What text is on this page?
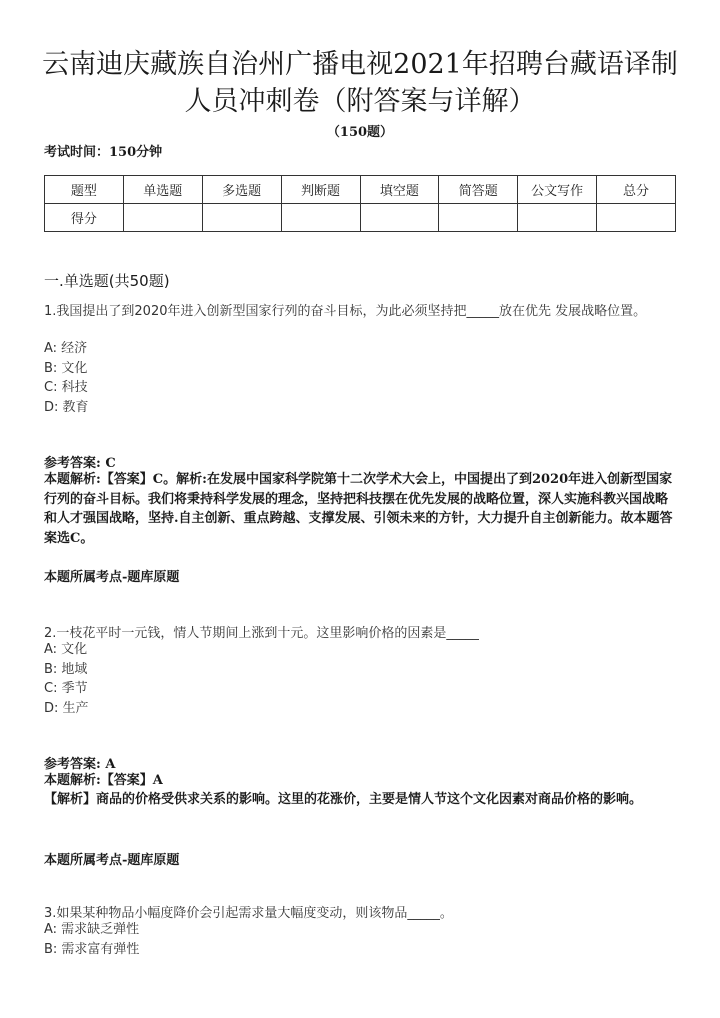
云南迪庆藏族自治州广播电视2021年招聘台藏语译制
人员冲刺卷（附答案与详解）
（150题）
考试时间：150分钟
题型	单选题	多选题	判断题	填空题	简答题	公文写作	总分
得分							
一.单选题(共50题)
1.我国提出了到2020年进入创新型国家行列的奋斗目标，为此必须坚持把_____放在优先 发展战略位置。
A: 经济
B: 文化
C: 科技
D: 教育
参考答案: C
本题解析:【答案】C。解析:在发展中国家科学院第十二次学术大会上，中国提出了到2020年进入创新型国家行列的奋斗目标。我们将秉持科学发展的理念，坚持把科技摆在优先发展的战略位置，深人实施科教兴国战略和人才强国战略，坚持.自主创新、重点跨越、支撑发展、引领未来的方针，大力提升自主创新能力。故本题答案选C。
本题所属考点-题库原题
2.一枝花平时一元钱，情人节期间上涨到十元。这里影响价格的因素是_____
A: 文化
B: 地域
C: 季节
D: 生产
参考答案: A
本题解析:【答案】A
【解析】商品的价格受供求关系的影响。这里的花涨价，主要是情人节这个文化因素对商品价格的影响。
本题所属考点-题库原题
3.如果某种物品小幅度降价会引起需求量大幅度变动，则该物品_____。
A: 需求缺乏弹性
B: 需求富有弹性
